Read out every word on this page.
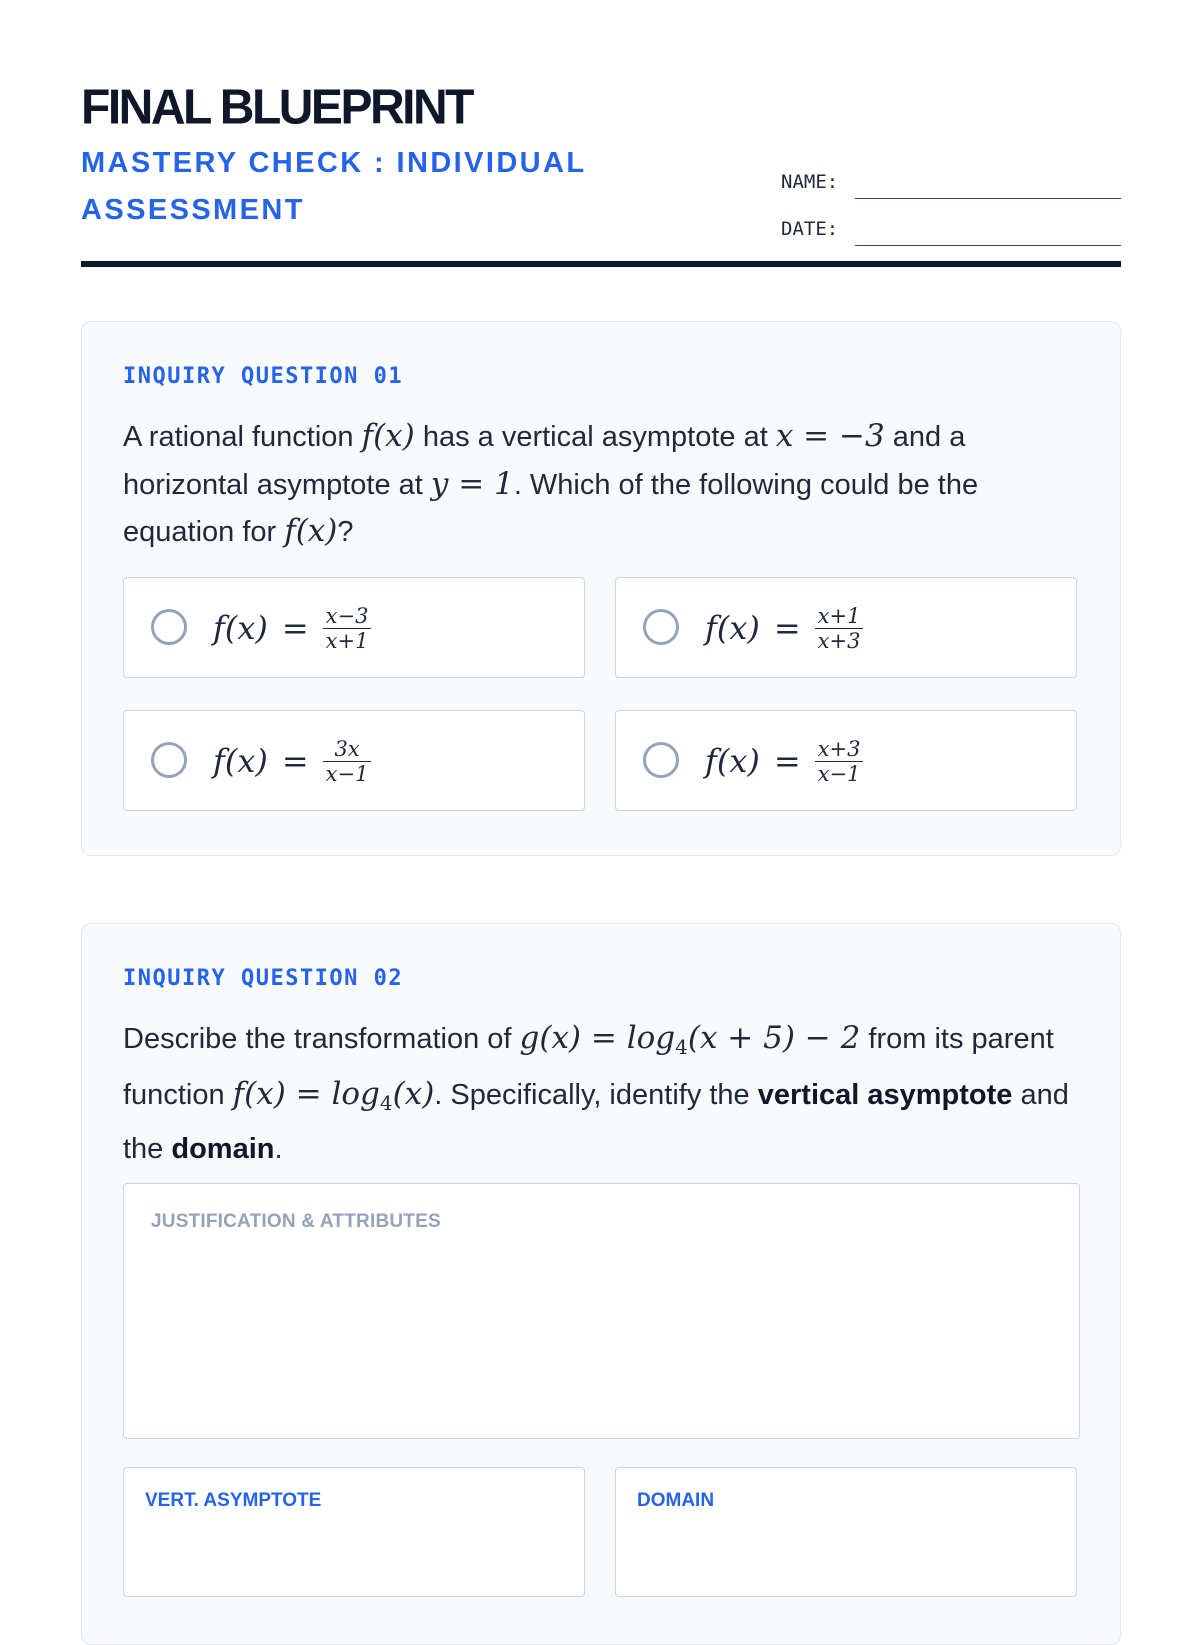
FINAL BLUEPRINT
MASTERY CHECK : INDIVIDUAL ASSESSMENT
NAME:
DATE:
INQUIRY QUESTION 01
A rational function f(x) has a vertical asymptote at x = −3 and a horizontal asymptote at y = 1. Which of the following could be the equation for f(x)?
$f(x) = \frac{x-3}{x+1}$	$f(x) = \frac{x+1}{x+3}$
$f(x) = \frac{3x}{x-1}$	$f(x) = \frac{x+3}{x-1}$
INQUIRY QUESTION 02
Describe the transformation of $g(x) = \log_4(x + 5) - 2$ from its parent function $f(x) = \log_4(x)$. Specifically, identify the vertical asymptote and the domain.
JUSTIFICATION & ATTRIBUTES
VERT. ASYMPTOTE	DOMAIN
